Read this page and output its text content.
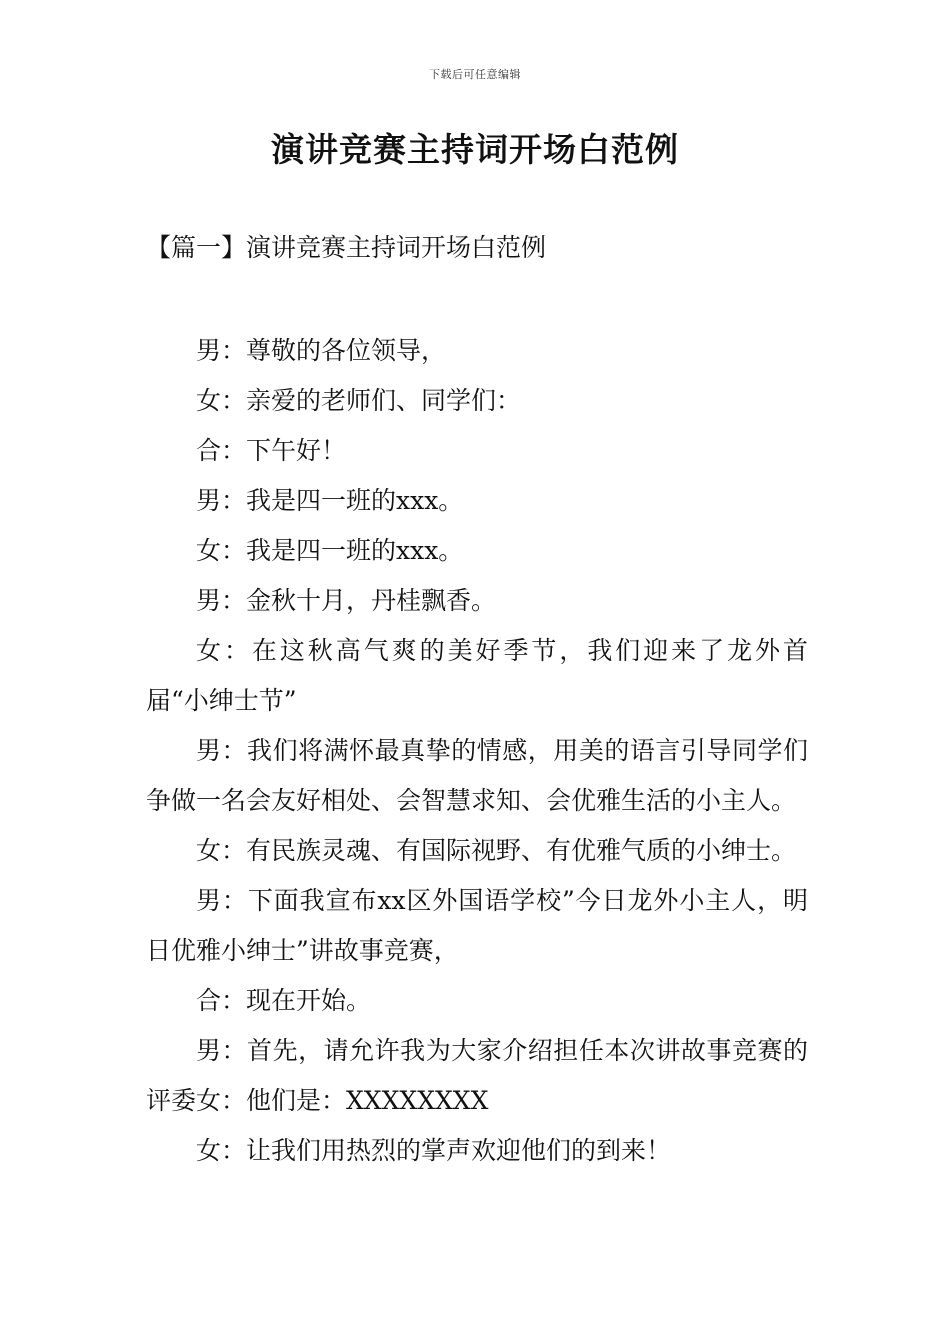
下载后可任意编辑
演讲竞赛主持词开场白范例
【篇一】演讲竞赛主持词开场白范例

男：尊敬的各位领导，

女：亲爱的老师们、同学们：

合：下午好！

男：我是四一班的xxx。

女：我是四一班的xxx。

男：金秋十月，丹桂飘香。

女：在这秋高气爽的美好季节，我们迎来了龙外首届“小绅士节”

男：我们将满怀最真挚的情感，用美的语言引导同学们争做一名会友好相处、会智慧求知、会优雅生活的小主人。

女：有民族灵魂、有国际视野、有优雅气质的小绅士。

男：下面我宣布xx区外国语学校”今日龙外小主人，明日优雅小绅士”讲故事竞赛，

合：现在开始。

男：首先，请允许我为大家介绍担任本次讲故事竞赛的评委女：他们是：XXXXXXXX

女：让我们用热烈的掌声欢迎他们的到来！
